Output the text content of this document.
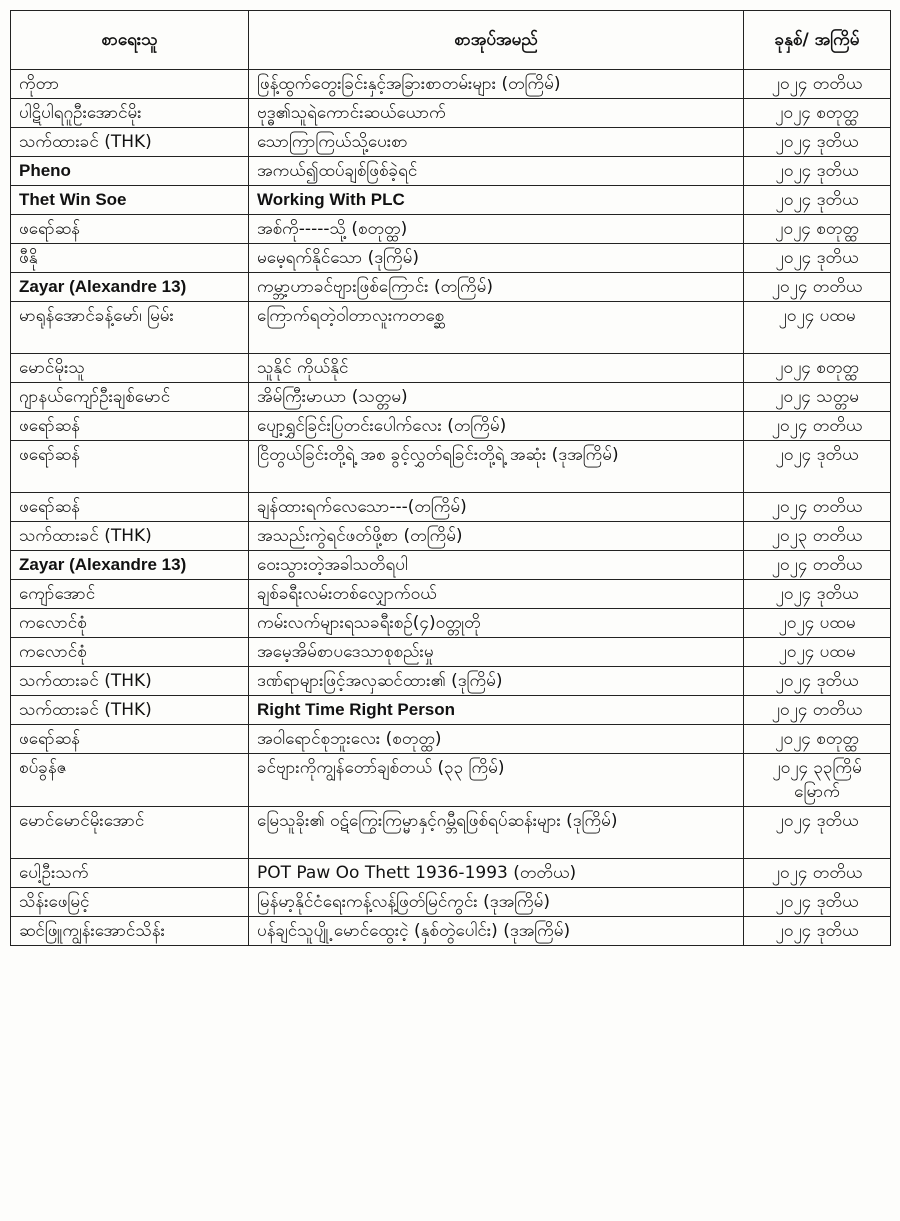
စာရေးသူ	စာအုပ်အမည်	ခုနှစ်/ အကြိမ်
ကိုတာ	ဖြန့်ထွက်တွေးခြင်းနှင့်အခြားစာတမ်းများ (တကြိမ်)	၂၀၂၄ တတိယ
ပါဋိပါရဂူဦးအောင်မိုး	ဗုဒ္ဓ၏သူရဲကောင်းဆယ်ယောက်	၂၀၂၄ စတုတ္ထ
သက်ထားခင် (THK)	သောကြာကြယ်သို့ပေးစာ	၂၀၂၄ ဒုတိယ
Pheno	အကယ်၍ထပ်ချစ်ဖြစ်ခဲ့ရင်	၂၀၂၄ ဒုတိယ
Thet Win Soe	Working With PLC	၂၀၂၄ ဒုတိယ
ဖရော်ဆန်	အစ်ကို-----သို့ (စတုတ္ထ)	၂၀၂၄ စတုတ္ထ
ဖီနို	မမေ့ရက်နိုင်သော (ဒုကြိမ်)	၂၀၂၄ ဒုတိယ
Zayar (Alexandre 13)	ကမ္ဘာ့ဟာခင်ဗျားဖြစ်ကြောင်း (တကြိမ်)	၂၀၂၄ တတိယ
မာရုန်အောင်ခန့်မော်၊ မြမ်း	ကြောက်ရတဲ့ဝါတာလူးကတစ္ဆေ	၂၀၂၄ ပထမ
မောင်မိုးသူ	သူနိုင် ကိုယ်နိုင်	၂၀၂၄ စတုတ္ထ
ဂျာနယ်ကျော်ဦးချစ်မောင်	အိမ်ကြီးမာယာ (သတ္တမ)	၂၀၂၄ သတ္တမ
ဖရော်ဆန်	ပျော့ရွှင်ခြင်းပြတင်းပေါက်လေး (တကြိမ်)	၂၀၂၄ တတိယ
ဖရော်ဆန်	ငြိတွယ်ခြင်းတို့ရဲ့ အစ ခွင့်လွှတ်ရခြင်းတို့ရဲ့ အဆုံး (ဒုအကြိမ်)	၂၀၂၄ ဒုတိယ
ဖရော်ဆန်	ချန်ထားရက်လေသော---(တကြိမ်)	၂၀၂၄ တတိယ
သက်ထားခင် (THK)	အသည်းကွဲရင်ဖတ်ဖို့စာ (တကြိမ်)	၂၀၂၃ တတိယ
Zayar (Alexandre 13)	ဝေးသွားတဲ့အခါသတိရပါ	၂၀၂၄ တတိယ
ကျော်အောင်	ချစ်ခရီးလမ်းတစ်လျှောက်ဝယ်	၂၀၂၄ ဒုတိယ
ကလောင်စုံ	ကမ်းလက်များရသခရီးစဉ်(၄)၀တ္တုတို	၂၀၂၄ ပထမ
ကလောင်စုံ	အမေ့အိမ်စာပဒေသာစုစည်းမှု	၂၀၂၄ ပထမ
သက်ထားခင် (THK)	ဒဏ်ရာများဖြင့်အလှဆင်ထား၏ (ဒုကြိမ်)	၂၀၂၄ ဒုတိယ
သက်ထားခင် (THK)	Right Time Right Person	၂၀၂၄ တတိယ
ဖရော်ဆန်	အဝါရောင်စုဘူးလေး (စတုတ္ထ)	၂၀၂၄ စတုတ္ထ
စပ်ခွန်ဇ	ခင်ဗျားကိုကျွန်တော်ချစ်တယ် (၃၃ ကြိမ်)	၂၀၂၄ ၃၃ကြိမ်မြောက်
မောင်မောင်မိုးအောင်	မြေသူခိုး၏ ဝဋ်ကြွေးကြမ္မာနှင့်ဂမ္ဘီရဖြစ်ရပ်ဆန်းများ (ဒုကြိမ်)	၂၀၂၄ ဒုတိယ
ပေါ့ဦးသက်	POT Paw Oo Thett 1936-1993 (တတိယ)	၂၀၂၄ တတိယ
သိန်းဖေမြင့်	မြန်မာ့နိုင်ငံရေးကန့်လန့်ဖြတ်မြင်ကွင်း (ဒုအကြိမ်)	၂၀၂၄ ဒုတိယ
ဆင်ဖြူကျွန်းအောင်သိန်း	ပန်ချင်သူပျို့ မောင်ထွေးငဲ့ (နှစ်တွဲပေါင်း) (ဒုအကြိမ်)	၂၀၂၄ ဒုတိယ
